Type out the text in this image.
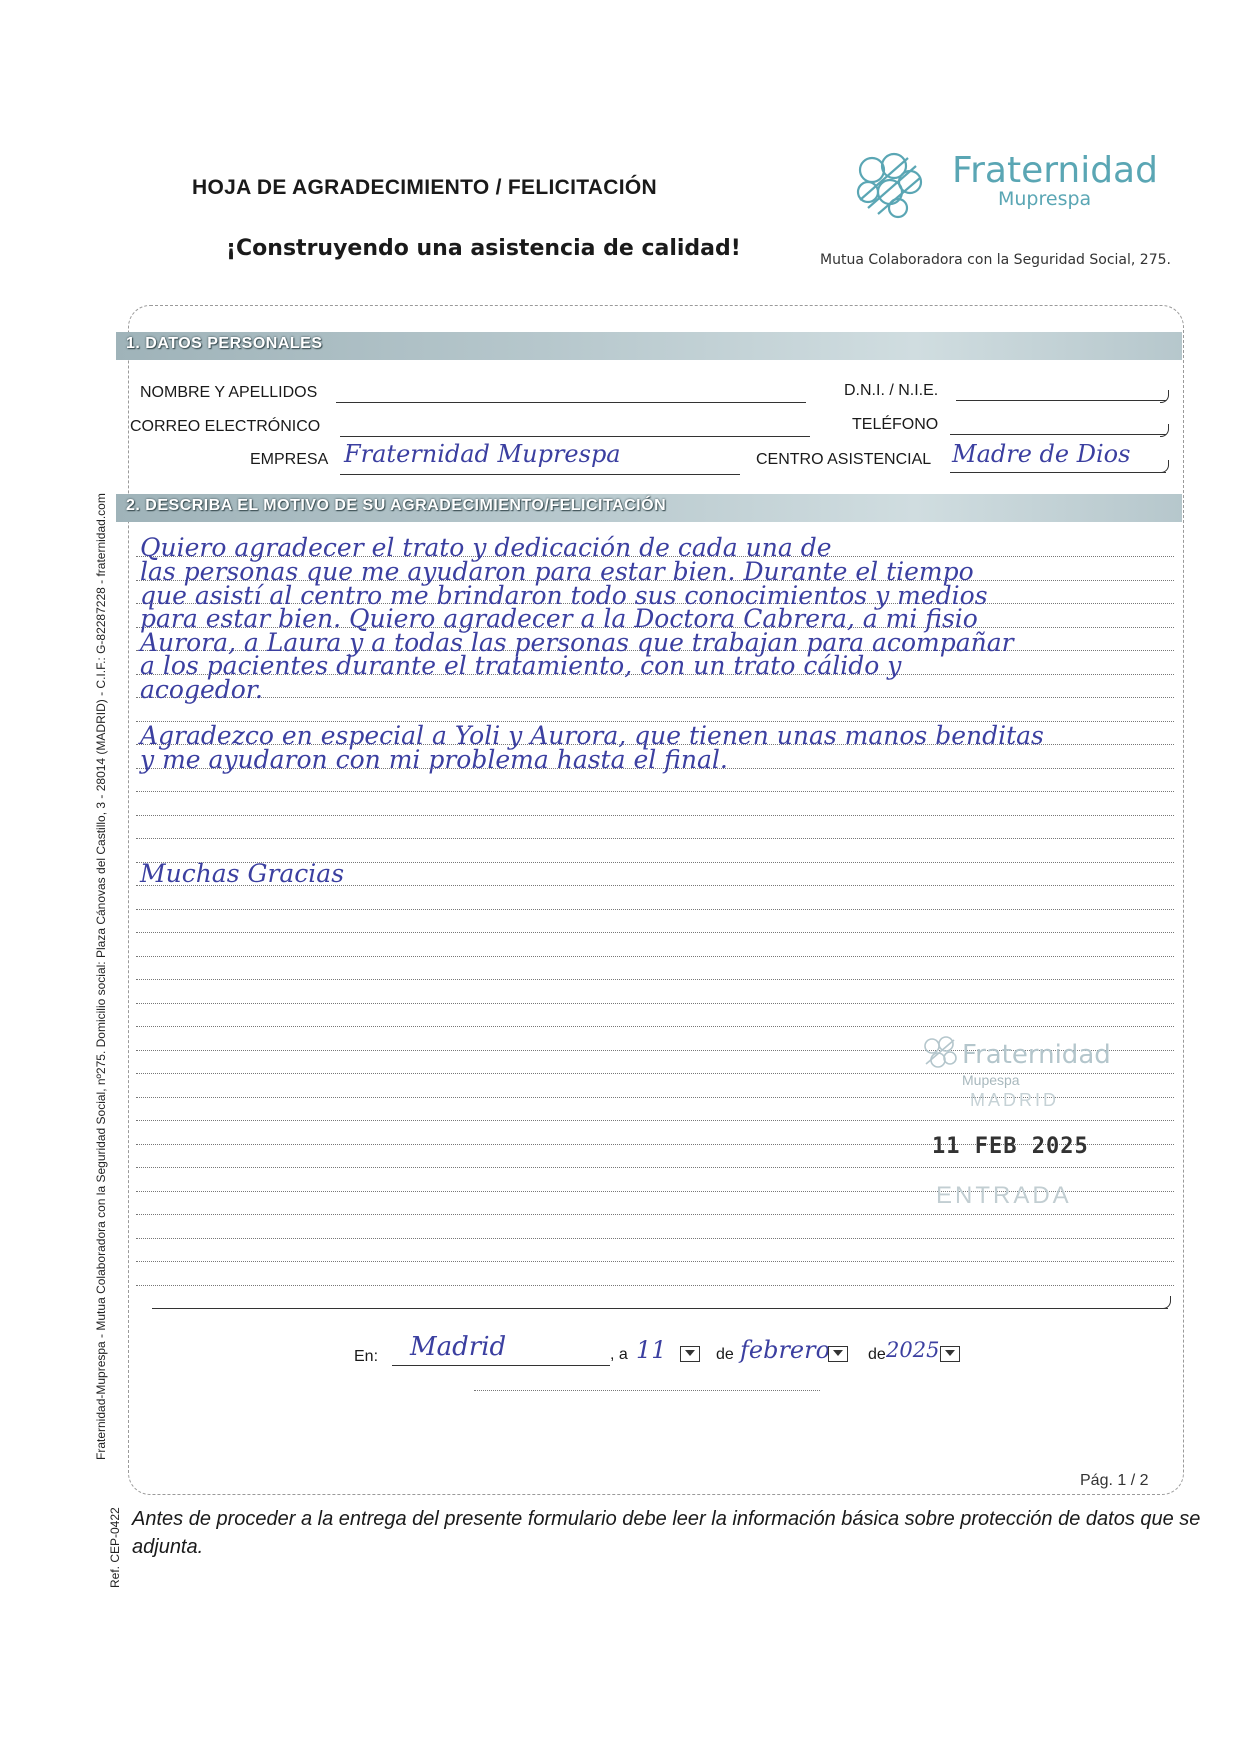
HOJA DE AGRADECIMIENTO / FELICITACIÓN
¡Construyendo una asistencia de calidad!
Fraternidad
Muprespa
Mutua Colaboradora con la Seguridad Social, 275.
1. DATOS PERSONALES
NOMBRE Y APELLIDOS	D.N.I. / N.I.E.
CORREO ELECTRÓNICO	TELÉFONO
EMPRESA Fraternidad Muprespa	CENTRO ASISTENCIAL Madre de Dios
2. DESCRIBA EL MOTIVO DE SU AGRADECIMIENTO/FELICITACIÓN
Quiero agradecer el trato y dedicación de cada una de
las personas que me ayudaron para estar bien. Durante el tiempo
que asistí al centro me brindaron todo sus conocimientos y medios
para estar bien. Quiero agradecer a la Doctora Cabrera, a mi fisio
Aurora, a Laura y a todas las personas que trabajan para acompañar
a los pacientes durante el tratamiento, con un trato cálido y
acogedor.
Agradezco en especial a Yoli y Aurora, que tienen unas manos benditas
y me ayudaron con mi problema hasta el final.
Muchas Gracias
Fraternidad
Mupespa
MADRID
11 FEB 2025
ENTRADA
En: Madrid	, a 11	de febrero de 2025
Pág. 1 / 2
Antes de proceder a la entrega del presente formulario debe leer la información básica sobre protección de datos que se adjunta.
Fraternidad-Muprespa - Mutua Colaboradora con la Seguridad Social, nº275. Domicilio social: Plaza Cánovas del Castillo, 3 - 28014 (MADRID) - C.I.F.: G-82287228 - fraternidad.com
Ref. CEP-0422
